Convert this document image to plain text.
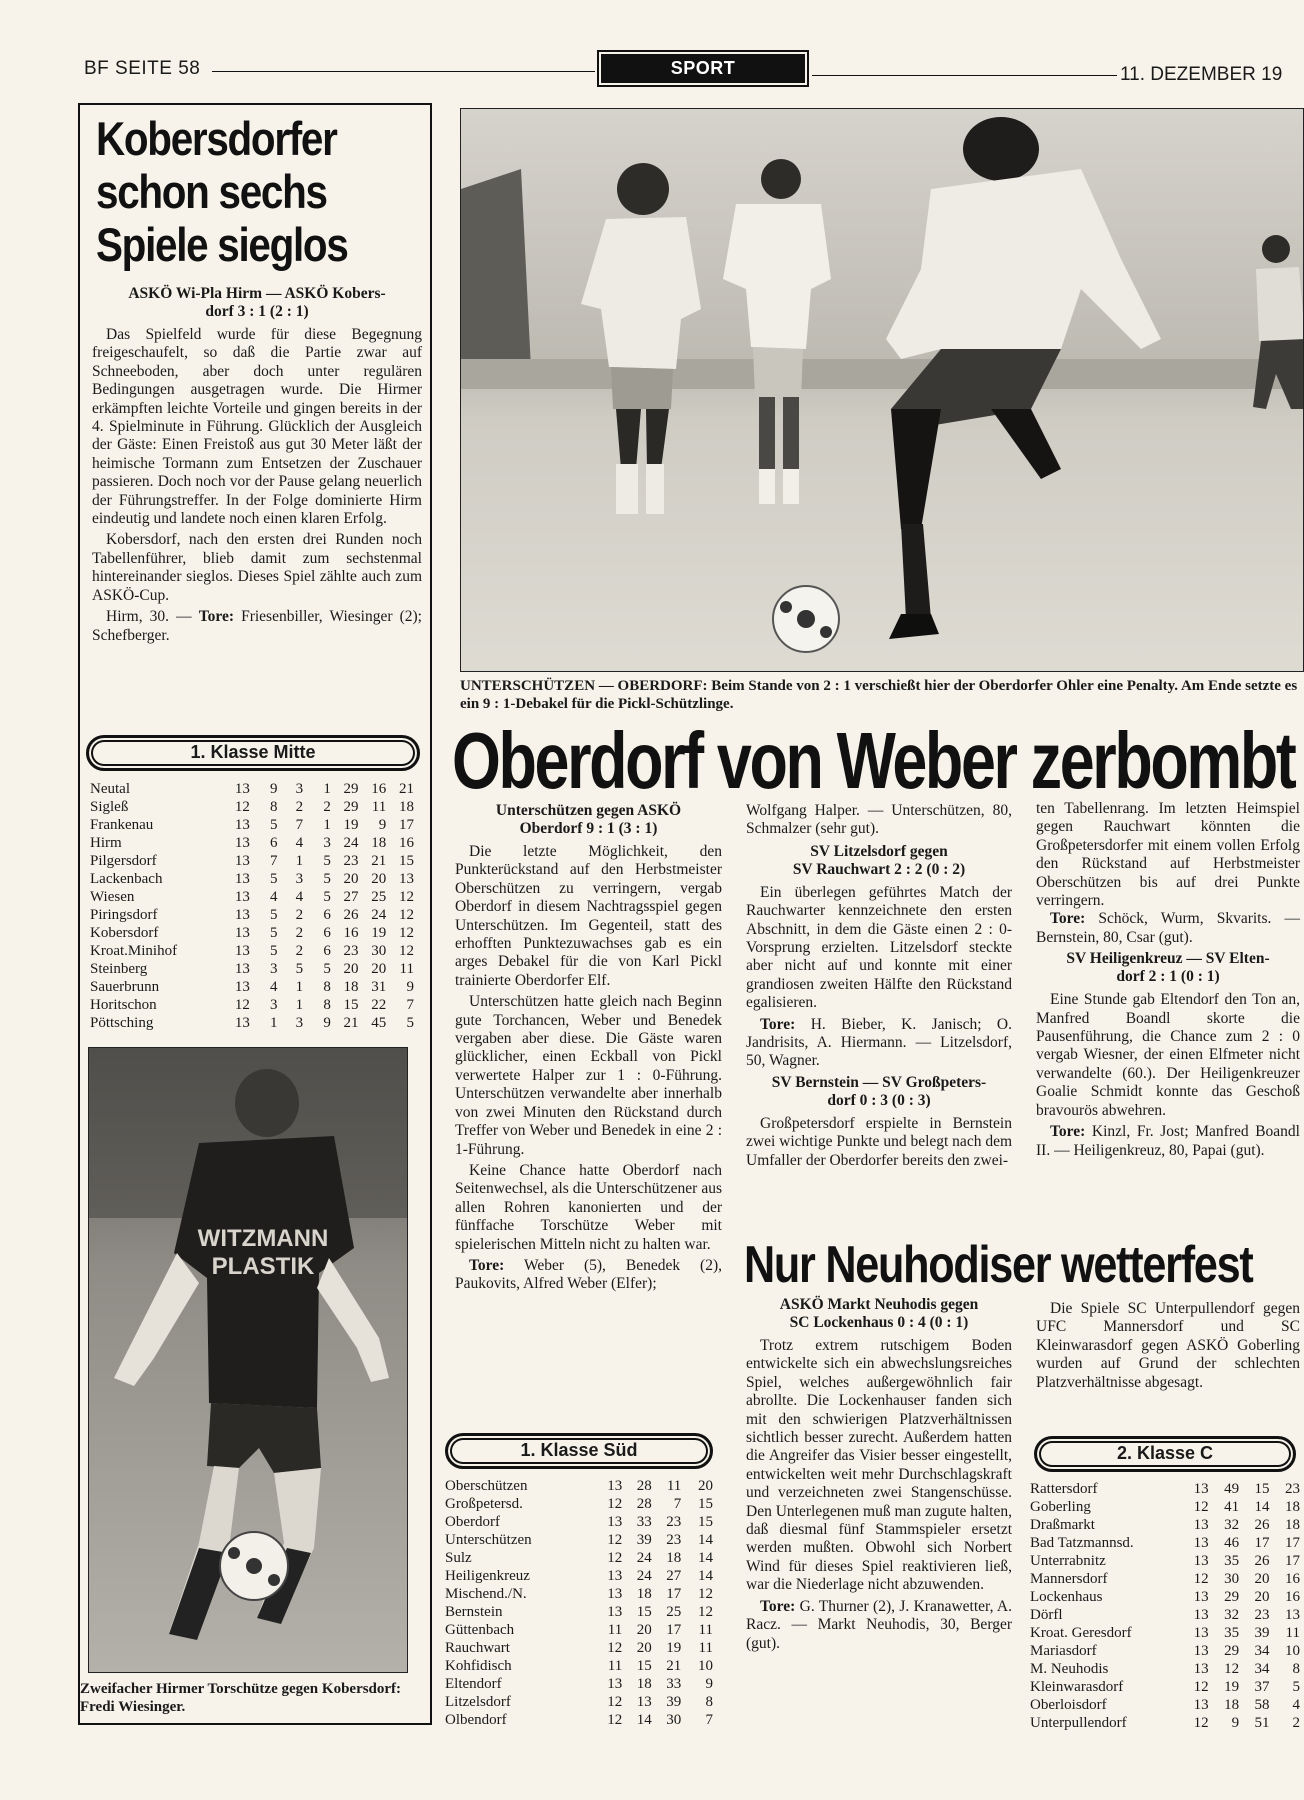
BF SEITE 58	SPORT	11. DEZEMBER 19
Kobersdorfer
schon sechs
Spiele sieglos
ASKÖ Wi-Pla Hirm — ASKÖ Kobers-
dorf 3 : 1 (2 : 1)

Das Spielfeld wurde für diese Begegnung freigeschaufelt, so daß die Partie zwar auf Schneeboden, aber doch unter regulären Bedingungen ausgetragen wurde. Die Hirmer erkämpften leichte Vorteile und gingen bereits in der 4. Spielminute in Führung. Glücklich der Ausgleich der Gäste: Einen Freistoß aus gut 30 Meter läßt der heimische Tormann zum Entsetzen der Zuschauer passieren. Doch noch vor der Pause gelang neuerlich der Führungstreffer. In der Folge dominierte Hirm eindeutig und landete noch einen klaren Erfolg.

Kobersdorf, nach den ersten drei Runden noch Tabellenführer, blieb damit zum sechstenmal hintereinander sieglos. Dieses Spiel zählte auch zum ASKÖ-Cup.

Hirm, 30. — Tore: Friesenbiller, Wiesinger (2); Schefberger.
1. Klasse Mitte
Neutal	13	9	3	1	29	16	21
Sigleß	12	8	2	2	29	11	18
Frankenau	13	5	7	1	19	9	17
Hirm	13	6	4	3	24	18	16
Pilgersdorf	13	7	1	5	23	21	15
Lackenbach	13	5	3	5	20	20	13
Wiesen	13	4	4	5	27	25	12
Piringsdorf	13	5	2	6	26	24	12
Kobersdorf	13	5	2	6	16	19	12
Kroat.Minihof	13	5	2	6	23	30	12
Steinberg	13	3	5	5	20	20	11
Sauerbrunn	13	4	1	8	18	31	9
Horitschon	12	3	1	8	15	22	7
Pöttsching	13	1	3	9	21	45	5
WITZMANN
PLASTIK
Zweifacher Hirmer Torschütze gegen Kobersdorf: Fredi Wiesinger.
UNTERSCHÜTZEN — OBERDORF: Beim Stande von 2 : 1 verschießt hier der Oberdorfer Ohler eine Penalty. Am Ende setzte es ein 9 : 1-Debakel für die Pickl-Schützlinge.
Oberdorf von Weber zerbombt
Unterschützen gegen ASKÖ
Oberdorf 9 : 1 (3 : 1)

Die letzte Möglichkeit, den Punkterückstand auf den Herbstmeister Oberschützen zu verringern, vergab Oberdorf in diesem Nachtragsspiel gegen Unterschützen. Im Gegenteil, statt des erhofften Punktezuwachses gab es ein arges Debakel für die von Karl Pickl trainierte Oberdorfer Elf.

Unterschützen hatte gleich nach Beginn gute Torchancen, Weber und Benedek vergaben aber diese. Die Gäste waren glücklicher, einen Eckball von Pickl verwertete Halper zur 1 : 0-Führung. Unterschützen verwandelte aber innerhalb von zwei Minuten den Rückstand durch Treffer von Weber und Benedek in eine 2 : 1-Führung.

Keine Chance hatte Oberdorf nach Seitenwechsel, als die Unterschützener aus allen Rohren kanonierten und der fünffache Torschütze Weber mit spielerischen Mitteln nicht zu halten war.

Tore: Weber (5), Benedek (2), Paukovits, Alfred Weber (Elfer);
Wolfgang Halper. — Unterschützen, 80, Schmalzer (sehr gut).
SV Litzelsdorf gegen
SV Rauchwart 2 : 2 (0 : 2)

Ein überlegen geführtes Match der Rauchwarter kennzeichnete den ersten Abschnitt, in dem die Gäste einen 2 : 0-Vorsprung erzielten. Litzelsdorf steckte aber nicht auf und konnte mit einer grandiosen zweiten Hälfte den Rückstand egalisieren.

Tore: H. Bieber, K. Janisch; O. Jandrisits, A. Hiermann. — Litzelsdorf, 50, Wagner.
SV Bernstein — SV Großpeters-
dorf 0 : 3 (0 : 3)

Großpetersdorf erspielte in Bernstein zwei wichtige Punkte und belegt nach dem Umfaller der Oberdorfer bereits den zwei-

ten Tabellenrang. Im letzten Heimspiel gegen Rauchwart könnten die Großpetersdorfer mit einem vollen Erfolg den Rückstand auf Herbstmeister Oberschützen bis auf drei Punkte verringern.
Tore: Schöck, Wurm, Skvarits. — Bernstein, 80, Csar (gut).
SV Heiligenkreuz — SV Elten-
dorf 2 : 1 (0 : 1)

Eine Stunde gab Eltendorf den Ton an, Manfred Boandl skorte die Pausenführung, die Chance zum 2 : 0 vergab Wiesner, der einen Elfmeter nicht verwandelte (60.). Der Heiligenkreuzer Goalie Schmidt konnte das Geschoß bravourös abwehren.

Tore: Kinzl, Fr. Jost; Manfred Boandl II. — Heiligenkreuz, 80, Papai (gut).
Nur Neuhodiser wetterfest
ASKÖ Markt Neuhodis gegen
SC Lockenhaus 0 : 4 (0 : 1)

Trotz extrem rutschigem Boden entwickelte sich ein abwechslungsreiches Spiel, welches außergewöhnlich fair abrollte. Die Lockenhauser fanden sich mit den schwierigen Platzverhältnissen sichtlich besser zurecht. Außerdem hatten die Angreifer das Visier besser eingestellt, entwickelten weit mehr Durchschlagskraft und verzeichneten zwei Stangenschüsse. Den Unterlegenen muß man zugute halten, daß diesmal fünf Stammspieler ersetzt werden mußten. Obwohl sich Norbert Wind für dieses Spiel reaktivieren ließ, war die Niederlage nicht abzuwenden.

Tore: G. Thurner (2), J. Kranawetter, A. Racz. — Markt Neuhodis, 30, Berger (gut).

Die Spiele SC Unterpullendorf gegen UFC Mannersdorf und SC Kleinwarasdorf gegen ASKÖ Goberling wurden auf Grund der schlechten Platzverhältnisse abgesagt.

1. Klasse Süd
Oberschützen	13	28	11	20
Großpetersd.	12	28	7	15
Oberdorf	13	33	23	15
Unterschützen	12	39	23	14
Sulz	12	24	18	14
Heiligenkreuz	13	24	27	14
Mischend./N.	13	18	17	12
Bernstein	13	15	25	12
Güttenbach	11	20	17	11
Rauchwart	12	20	19	11
Kohfidisch	11	15	21	10
Eltendorf	13	18	33	9
Litzelsdorf	12	13	39	8
Olbendorf	12	14	30	7
2. Klasse C
Rattersdorf	13	49	15	23
Goberling	12	41	14	18
Draßmarkt	13	32	26	18
Bad Tatzmannsd.	13	46	17	17
Unterrabnitz	13	35	26	17
Mannersdorf	12	30	20	16
Lockenhaus	13	29	20	16
Dörfl	13	32	23	13
Kroat. Geresdorf	13	35	39	11
Mariasdorf	13	29	34	10
M. Neuhodis	13	12	34	8
Kleinwarasdorf	12	19	37	5
Oberloisdorf	13	18	58	4
Unterpullendorf	12	9	51	2
